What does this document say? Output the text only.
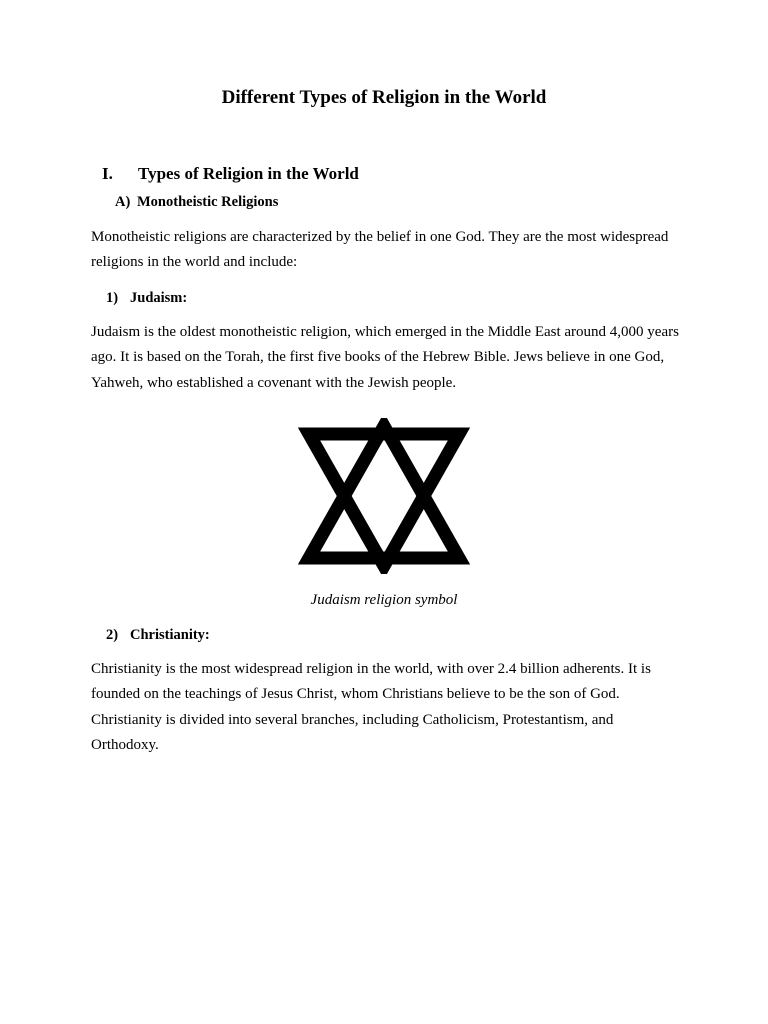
Different Types of Religion in the World
I. Types of Religion in the World
A) Monotheistic Religions

Monotheistic religions are characterized by the belief in one God. They are the most widespread religions in the world and include:

1) Judaism:

Judaism is the oldest monotheistic religion, which emerged in the Middle East around 4,000 years ago. It is based on the Torah, the first five books of the Hebrew Bible. Jews believe in one God, Yahweh, who established a covenant with the Jewish people.

Judaism religion symbol
2) Christianity:

Christianity is the most widespread religion in the world, with over 2.4 billion adherents. It is founded on the teachings of Jesus Christ, whom Christians believe to be the son of God. Christianity is divided into several branches, including Catholicism, Protestantism, and Orthodoxy.
